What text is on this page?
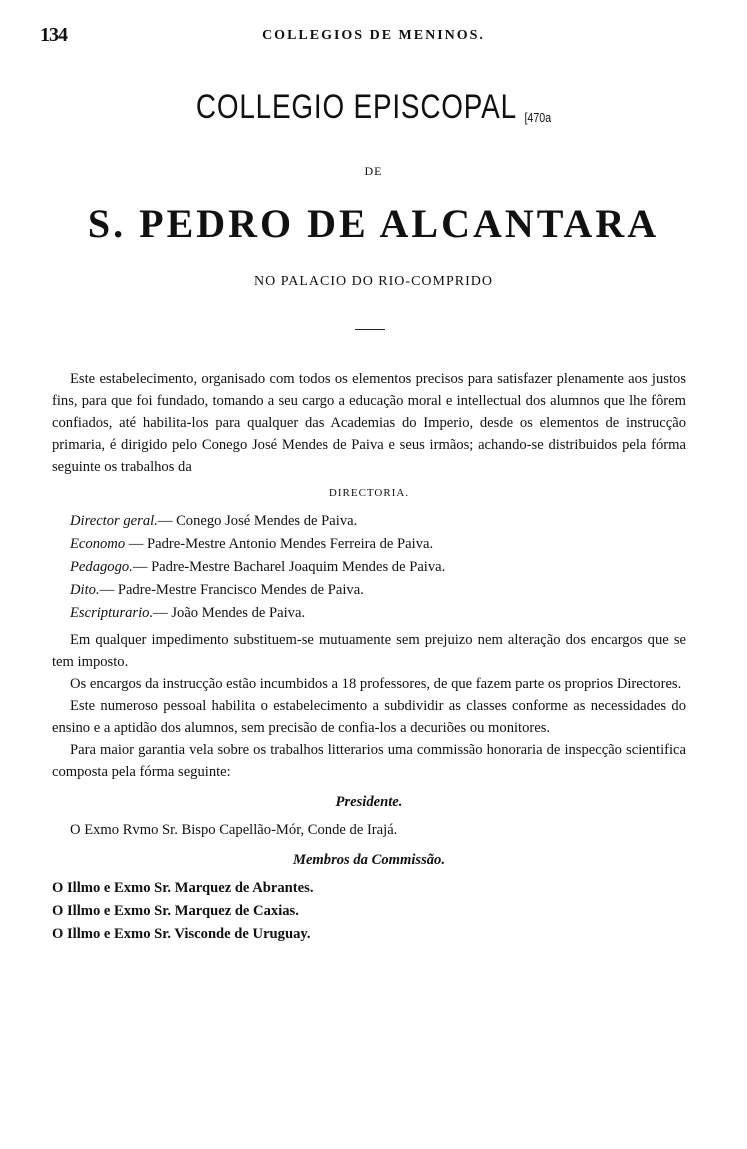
134	COLLEGIOS DE MENINOS.
COLLEGIO EPISCOPAL [470a
DE
S. PEDRO DE ALCANTARA
NO PALACIO DO RIO-COMPRIDO

Este estabelecimento, organisado com todos os elementos precisos para satisfazer plenamente aos justos fins, para que foi fundado, tomando a seu cargo a educação moral e intellectual dos alumnos que lhe fôrem confiados, até habilita-los para qualquer das Academias do Imperio, desde os elementos de instrucção primaria, é dirigido pelo Conego José Mendes de Paiva e seus irmãos; achando-se distribuidos pela fórma seguinte os trabalhos da

DIRECTORIA.

Director geral.— Conego José Mendes de Paiva.
Economo — Padre-Mestre Antonio Mendes Ferreira de Paiva.
Pedagogo.— Padre-Mestre Bacharel Joaquim Mendes de Paiva.
Dito.— Padre-Mestre Francisco Mendes de Paiva.
Escripturario.— João Mendes de Paiva.

Em qualquer impedimento substituem-se mutuamente sem prejuizo nem alteração dos encargos que se tem imposto.

Os encargos da instrucção estão incumbidos a 18 professores, de que fazem parte os proprios Directores.

Este numeroso pessoal habilita o estabelecimento a subdividir as classes conforme as necessidades do ensino e a aptidão dos alumnos, sem precisão de confia-los a decuriões ou monitores.

Para maior garantia vela sobre os trabalhos litterarios uma commissão honoraria de inspecção scientifica composta pela fórma seguinte:

Presidente.

O Exmo Rvmo Sr. Bispo Capellão-Mór, Conde de Irajá.

Membros da Commissão.

O Illmo e Exmo Sr. Marquez de Abrantes.
O Illmo e Exmo Sr. Marquez de Caxias.
O Illmo e Exmo Sr. Visconde de Uruguay.
